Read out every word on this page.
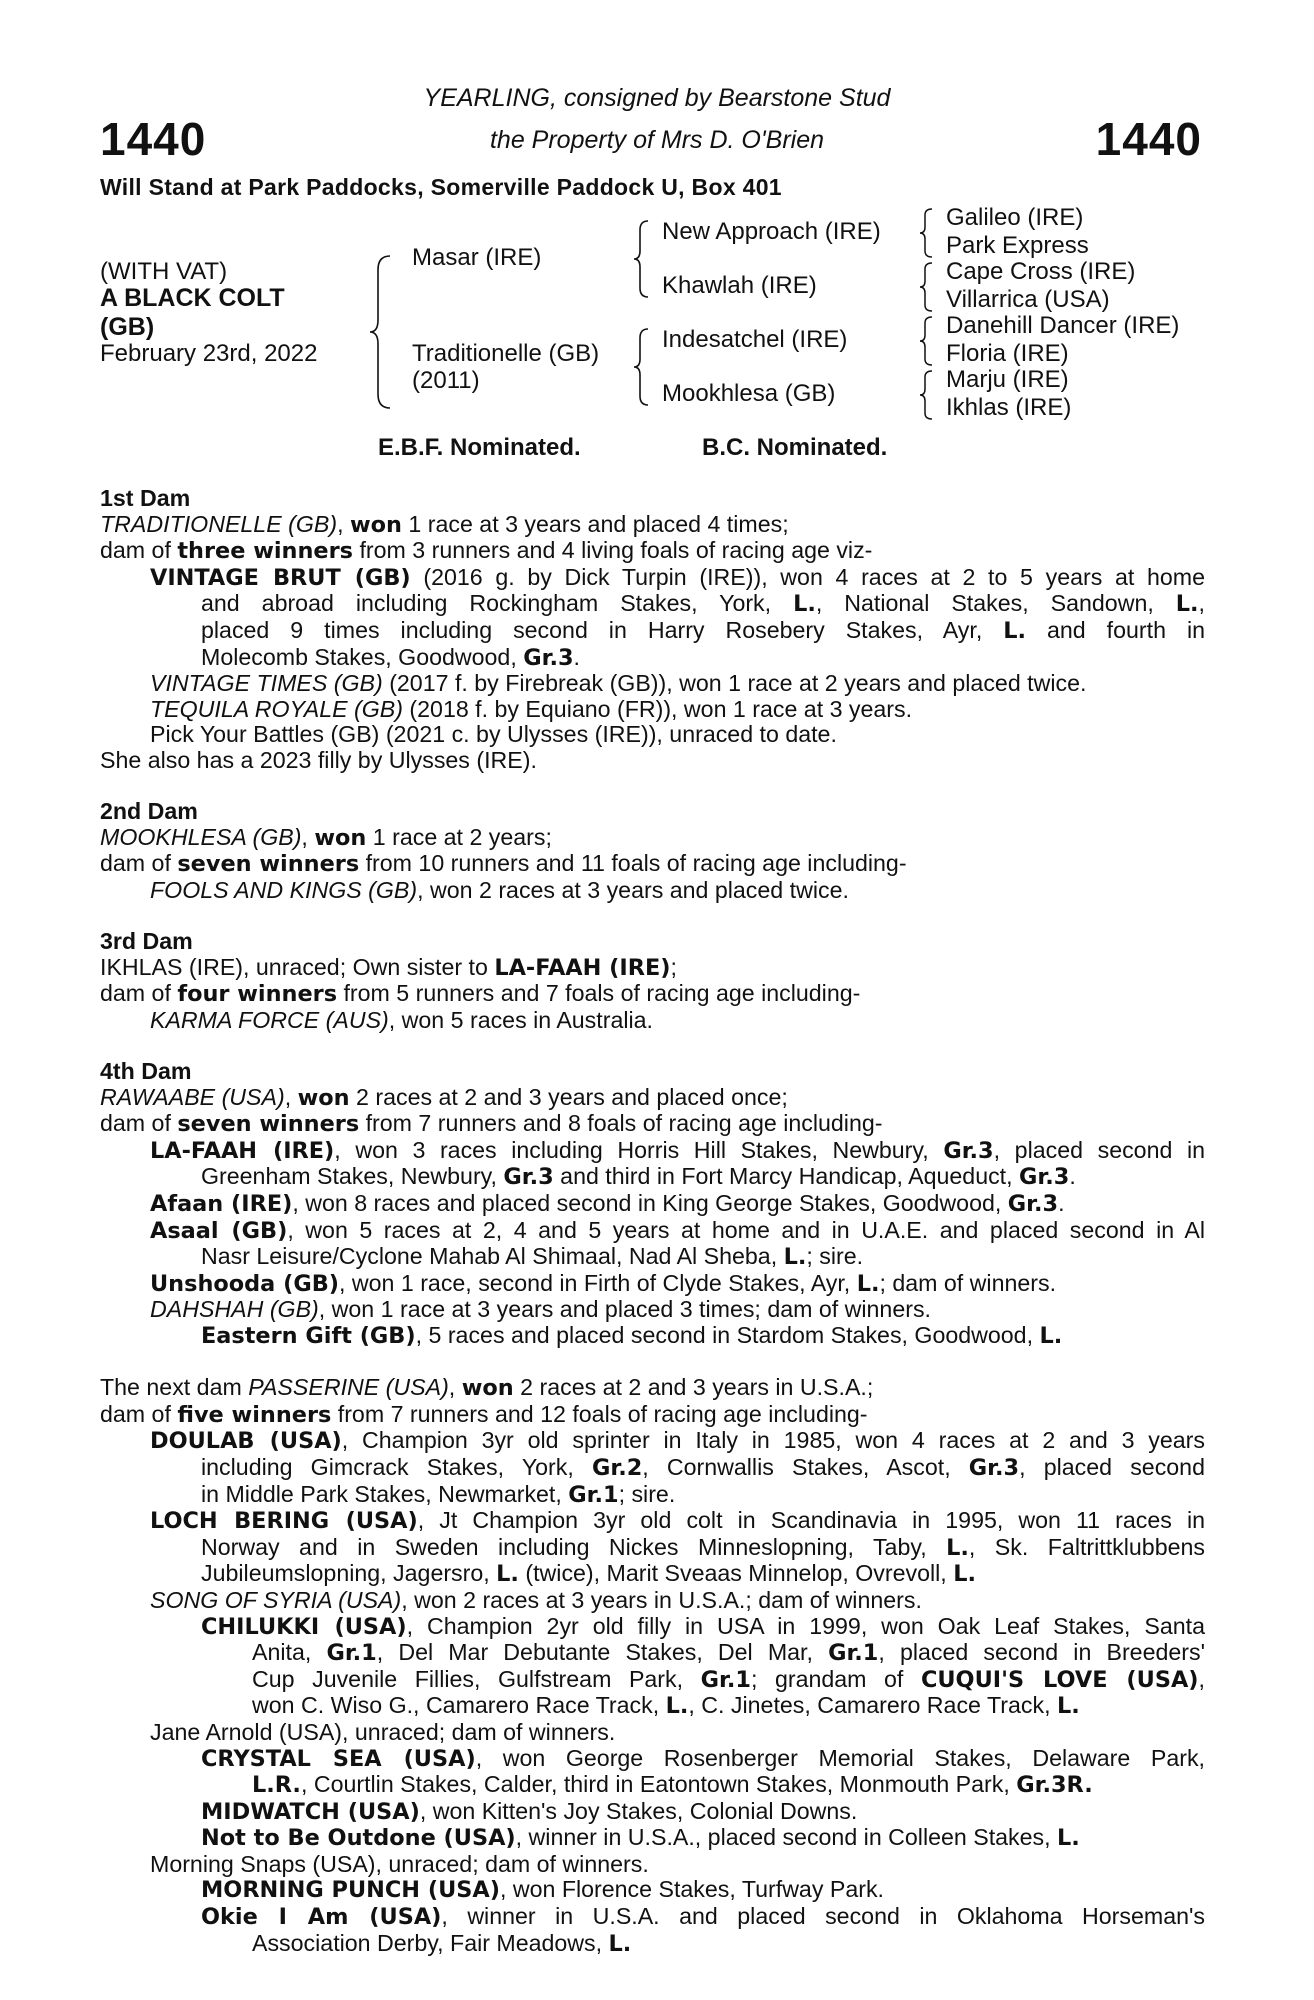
YEARLING, consigned by Bearstone Stud
the Property of Mrs D. O'Brien
1440	1440
Will Stand at Park Paddocks, Somerville Paddock U, Box 401
(WITH VAT)
A BLACK COLT
(GB)
February 23rd, 2022
Masar (IRE)
Traditionelle (GB)
(2011)
New Approach (IRE)
Khawlah (IRE)
Indesatchel (IRE)
Mookhlesa (GB)
Galileo (IRE)
Park Express
Cape Cross (IRE)
Villarrica (USA)
Danehill Dancer (IRE)
Floria (IRE)
Marju (IRE)
Ikhlas (IRE)
E.B.F. Nominated.	B.C. Nominated.
1st Dam
TRADITIONELLE (GB), won 1 race at 3 years and placed 4 times;
dam of three winners from 3 runners and 4 living foals of racing age viz-
VINTAGE BRUT (GB) (2016 g. by Dick Turpin (IRE)), won 4 races at 2 to 5 years at home
and abroad including Rockingham Stakes, York, L., National Stakes, Sandown, L.,
placed 9 times including second in Harry Rosebery Stakes, Ayr, L. and fourth in
Molecomb Stakes, Goodwood, Gr.3.
VINTAGE TIMES (GB) (2017 f. by Firebreak (GB)), won 1 race at 2 years and placed twice.
TEQUILA ROYALE (GB) (2018 f. by Equiano (FR)), won 1 race at 3 years.
Pick Your Battles (GB) (2021 c. by Ulysses (IRE)), unraced to date.
She also has a 2023 filly by Ulysses (IRE).
2nd Dam
MOOKHLESA (GB), won 1 race at 2 years;
dam of seven winners from 10 runners and 11 foals of racing age including-
FOOLS AND KINGS (GB), won 2 races at 3 years and placed twice.
3rd Dam
IKHLAS (IRE), unraced; Own sister to LA-FAAH (IRE);
dam of four winners from 5 runners and 7 foals of racing age including-
KARMA FORCE (AUS), won 5 races in Australia.
4th Dam
RAWAABE (USA), won 2 races at 2 and 3 years and placed once;
dam of seven winners from 7 runners and 8 foals of racing age including-
LA-FAAH (IRE), won 3 races including Horris Hill Stakes, Newbury, Gr.3, placed second in
Greenham Stakes, Newbury, Gr.3 and third in Fort Marcy Handicap, Aqueduct, Gr.3.
Afaan (IRE), won 8 races and placed second in King George Stakes, Goodwood, Gr.3.
Asaal (GB), won 5 races at 2, 4 and 5 years at home and in U.A.E. and placed second in Al
Nasr Leisure/Cyclone Mahab Al Shimaal, Nad Al Sheba, L.; sire.
Unshooda (GB), won 1 race, second in Firth of Clyde Stakes, Ayr, L.; dam of winners.
DAHSHAH (GB), won 1 race at 3 years and placed 3 times; dam of winners.
Eastern Gift (GB), 5 races and placed second in Stardom Stakes, Goodwood, L.
The next dam PASSERINE (USA), won 2 races at 2 and 3 years in U.S.A.;
dam of five winners from 7 runners and 12 foals of racing age including-
DOULAB (USA), Champion 3yr old sprinter in Italy in 1985, won 4 races at 2 and 3 years
including Gimcrack Stakes, York, Gr.2, Cornwallis Stakes, Ascot, Gr.3, placed second
in Middle Park Stakes, Newmarket, Gr.1; sire.
LOCH BERING (USA), Jt Champion 3yr old colt in Scandinavia in 1995, won 11 races in
Norway and in Sweden including Nickes Minneslopning, Taby, L., Sk. Faltrittklubbens
Jubileumslopning, Jagersro, L. (twice), Marit Sveaas Minnelop, Ovrevoll, L.
SONG OF SYRIA (USA), won 2 races at 3 years in U.S.A.; dam of winners.
CHILUKKI (USA), Champion 2yr old filly in USA in 1999, won Oak Leaf Stakes, Santa
Anita, Gr.1, Del Mar Debutante Stakes, Del Mar, Gr.1, placed second in Breeders'
Cup Juvenile Fillies, Gulfstream Park, Gr.1; grandam of CUQUI'S LOVE (USA),
won C. Wiso G., Camarero Race Track, L., C. Jinetes, Camarero Race Track, L.
Jane Arnold (USA), unraced; dam of winners.
CRYSTAL SEA (USA), won George Rosenberger Memorial Stakes, Delaware Park,
L.R., Courtlin Stakes, Calder, third in Eatontown Stakes, Monmouth Park, Gr.3R.
MIDWATCH (USA), won Kitten's Joy Stakes, Colonial Downs.
Not to Be Outdone (USA), winner in U.S.A., placed second in Colleen Stakes, L.
Morning Snaps (USA), unraced; dam of winners.
MORNING PUNCH (USA), won Florence Stakes, Turfway Park.
Okie I Am (USA), winner in U.S.A. and placed second in Oklahoma Horseman's
Association Derby, Fair Meadows, L.
